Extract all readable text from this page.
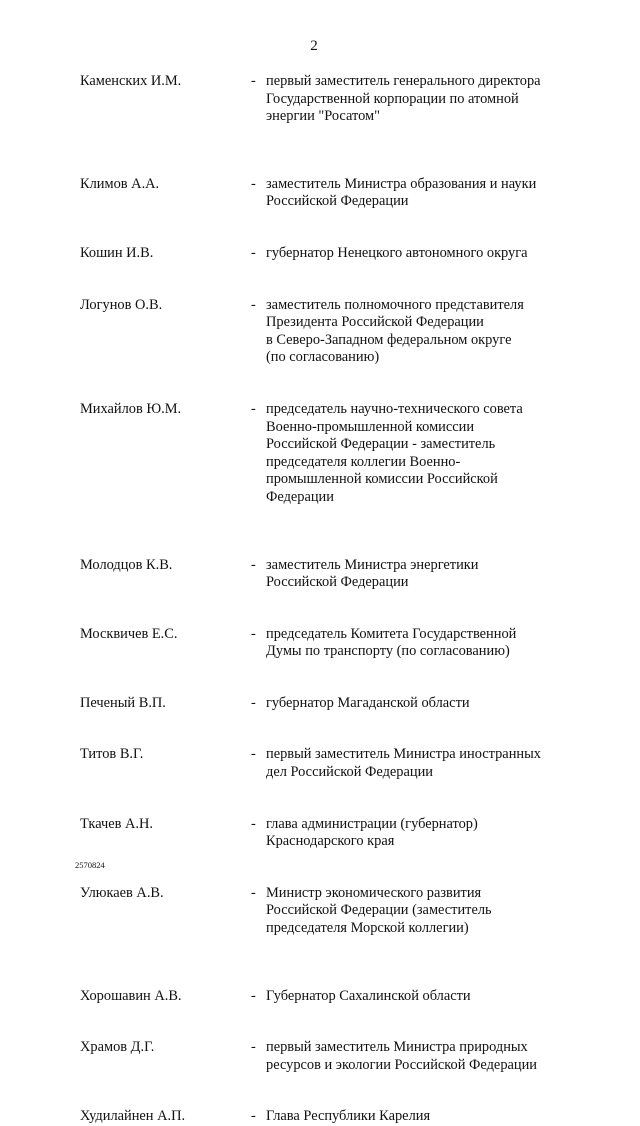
2
Каменских И.М.	- первый заместитель генерального директора
Государственной корпорации по атомной
энергии "Росатом"
Климов А.А.	- заместитель Министра образования и науки
Российской Федерации
Кошин И.В.	- губернатор Ненецкого автономного округа
Логунов О.В.	- заместитель полномочного представителя
Президента Российской Федерации
в Северо-Западном федеральном округе
(по согласованию)
Михайлов Ю.М.	- председатель научно-технического совета
Военно-промышленной комиссии
Российской Федерации - заместитель
председателя коллегии Военно-
промышленной комиссии Российской
Федерации
Молодцов К.В.	- заместитель Министра энергетики
Российской Федерации
Москвичев Е.С.	- председатель Комитета Государственной
Думы по транспорту (по согласованию)
Печеный В.П.	- губернатор Магаданской области
Титов В.Г.	- первый заместитель Министра иностранных
дел Российской Федерации
Ткачев А.Н.	- глава администрации (губернатор)
Краснодарского края
Улюкаев А.В.	- Министр экономического развития
Российской Федерации (заместитель
председателя Морской коллегии)
Хорошавин А.В.	- Губернатор Сахалинской области
Храмов Д.Г.	- первый заместитель Министра природных
ресурсов и экологии Российской Федерации
Худилайнен А.П.	- Глава Республики Карелия
2570824
